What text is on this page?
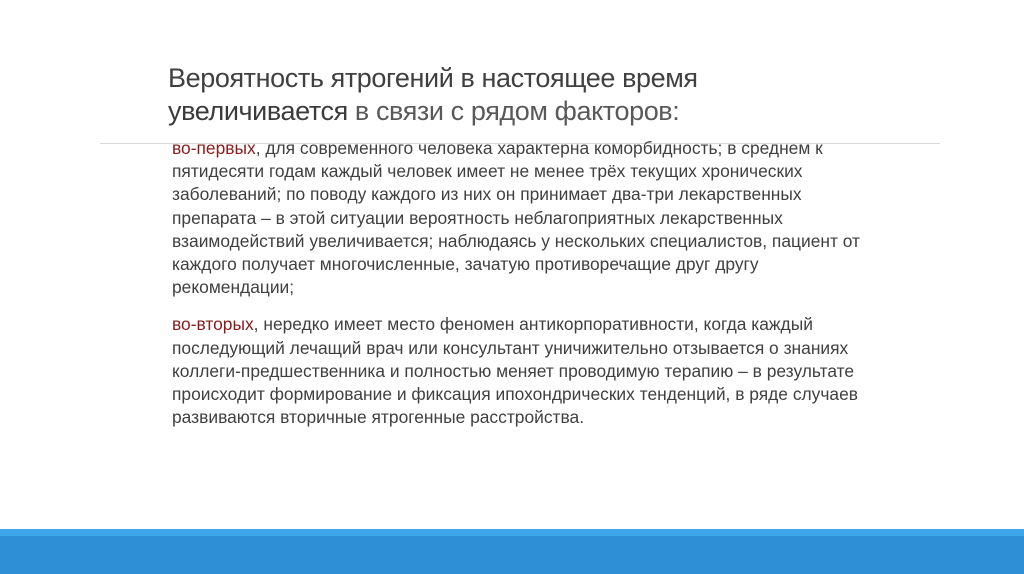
Вероятность ятрогений в настоящее время
увеличивается в связи с рядом факторов:

во-первых, для современного человека характерна коморбидность; в среднем к пятидесяти годам каждый человек имеет не менее трёх текущих хронических заболеваний; по поводу каждого из них он принимает два-три лекарственных препарата – в этой ситуации вероятность неблагоприятных лекарственных взаимодействий увеличивается; наблюдаясь у нескольких специалистов, пациент от каждого получает многочисленные, зачатую противоречащие друг другу рекомендации;

во-вторых, нередко имеет место феномен антикорпоративности, когда каждый последующий лечащий врач или консультант уничижительно отзывается о знаниях коллеги-предшественника и полностью меняет проводимую терапию – в результате происходит формирование и фиксация ипохондрических тенденций, в ряде случаев развиваются вторичные ятрогенные расстройства.
